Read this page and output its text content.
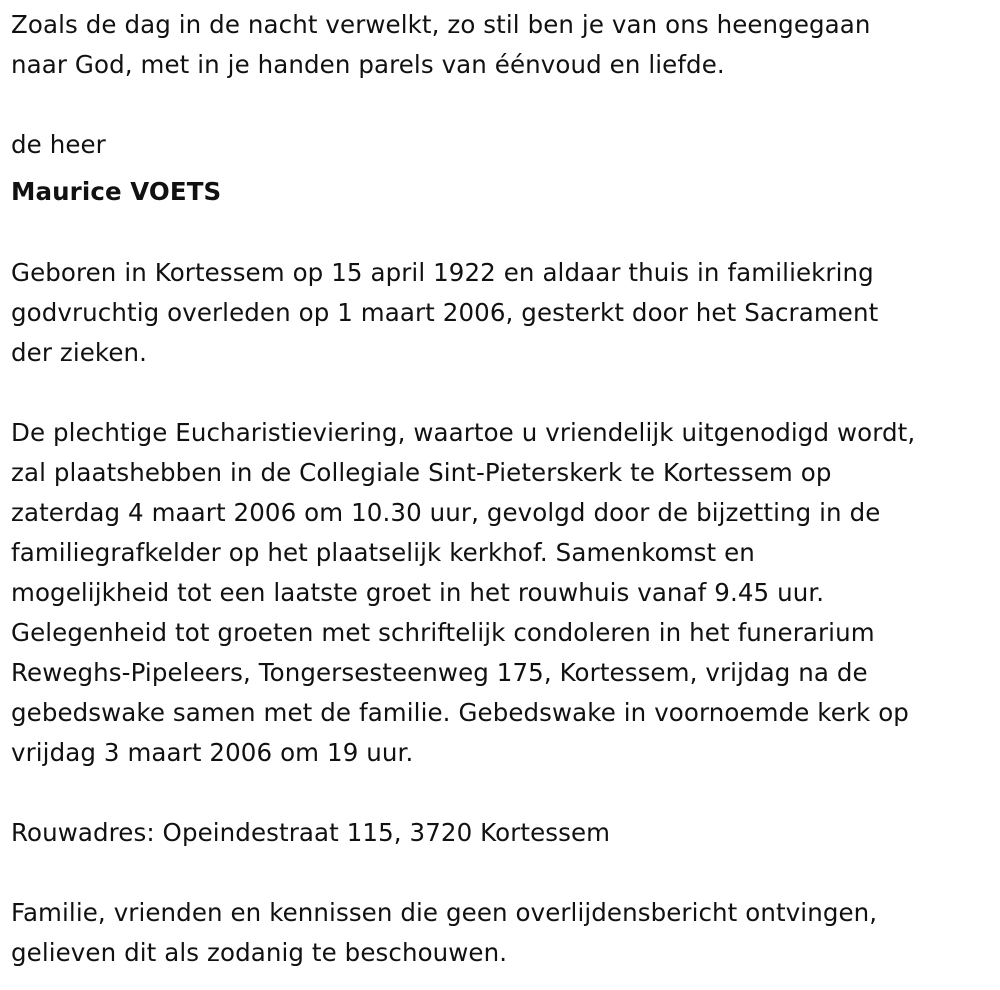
Zoals de dag in de nacht verwelkt, zo stil ben je van ons heengegaan
naar God, met in je handen parels van éénvoud en liefde.
de heer
Maurice VOETS
Geboren in Kortessem op 15 april 1922 en aldaar thuis in familiekring
godvruchtig overleden op 1 maart 2006, gesterkt door het Sacrament
der zieken.
De plechtige Eucharistieviering, waartoe u vriendelijk uitgenodigd wordt,
zal plaatshebben in de Collegiale Sint-Pieterskerk te Kortessem op
zaterdag 4 maart 2006 om 10.30 uur, gevolgd door de bijzetting in de
familiegrafkelder op het plaatselijk kerkhof. Samenkomst en
mogelijkheid tot een laatste groet in het rouwhuis vanaf 9.45 uur.
Gelegenheid tot groeten met schriftelijk condoleren in het funerarium
Reweghs-Pipeleers, Tongersesteenweg 175, Kortessem, vrijdag na de
gebedswake samen met de familie. Gebedswake in voornoemde kerk op
vrijdag 3 maart 2006 om 19 uur.
Rouwadres: Opeindestraat 115, 3720 Kortessem
Familie, vrienden en kennissen die geen overlijdensbericht ontvingen,
gelieven dit als zodanig te beschouwen.
